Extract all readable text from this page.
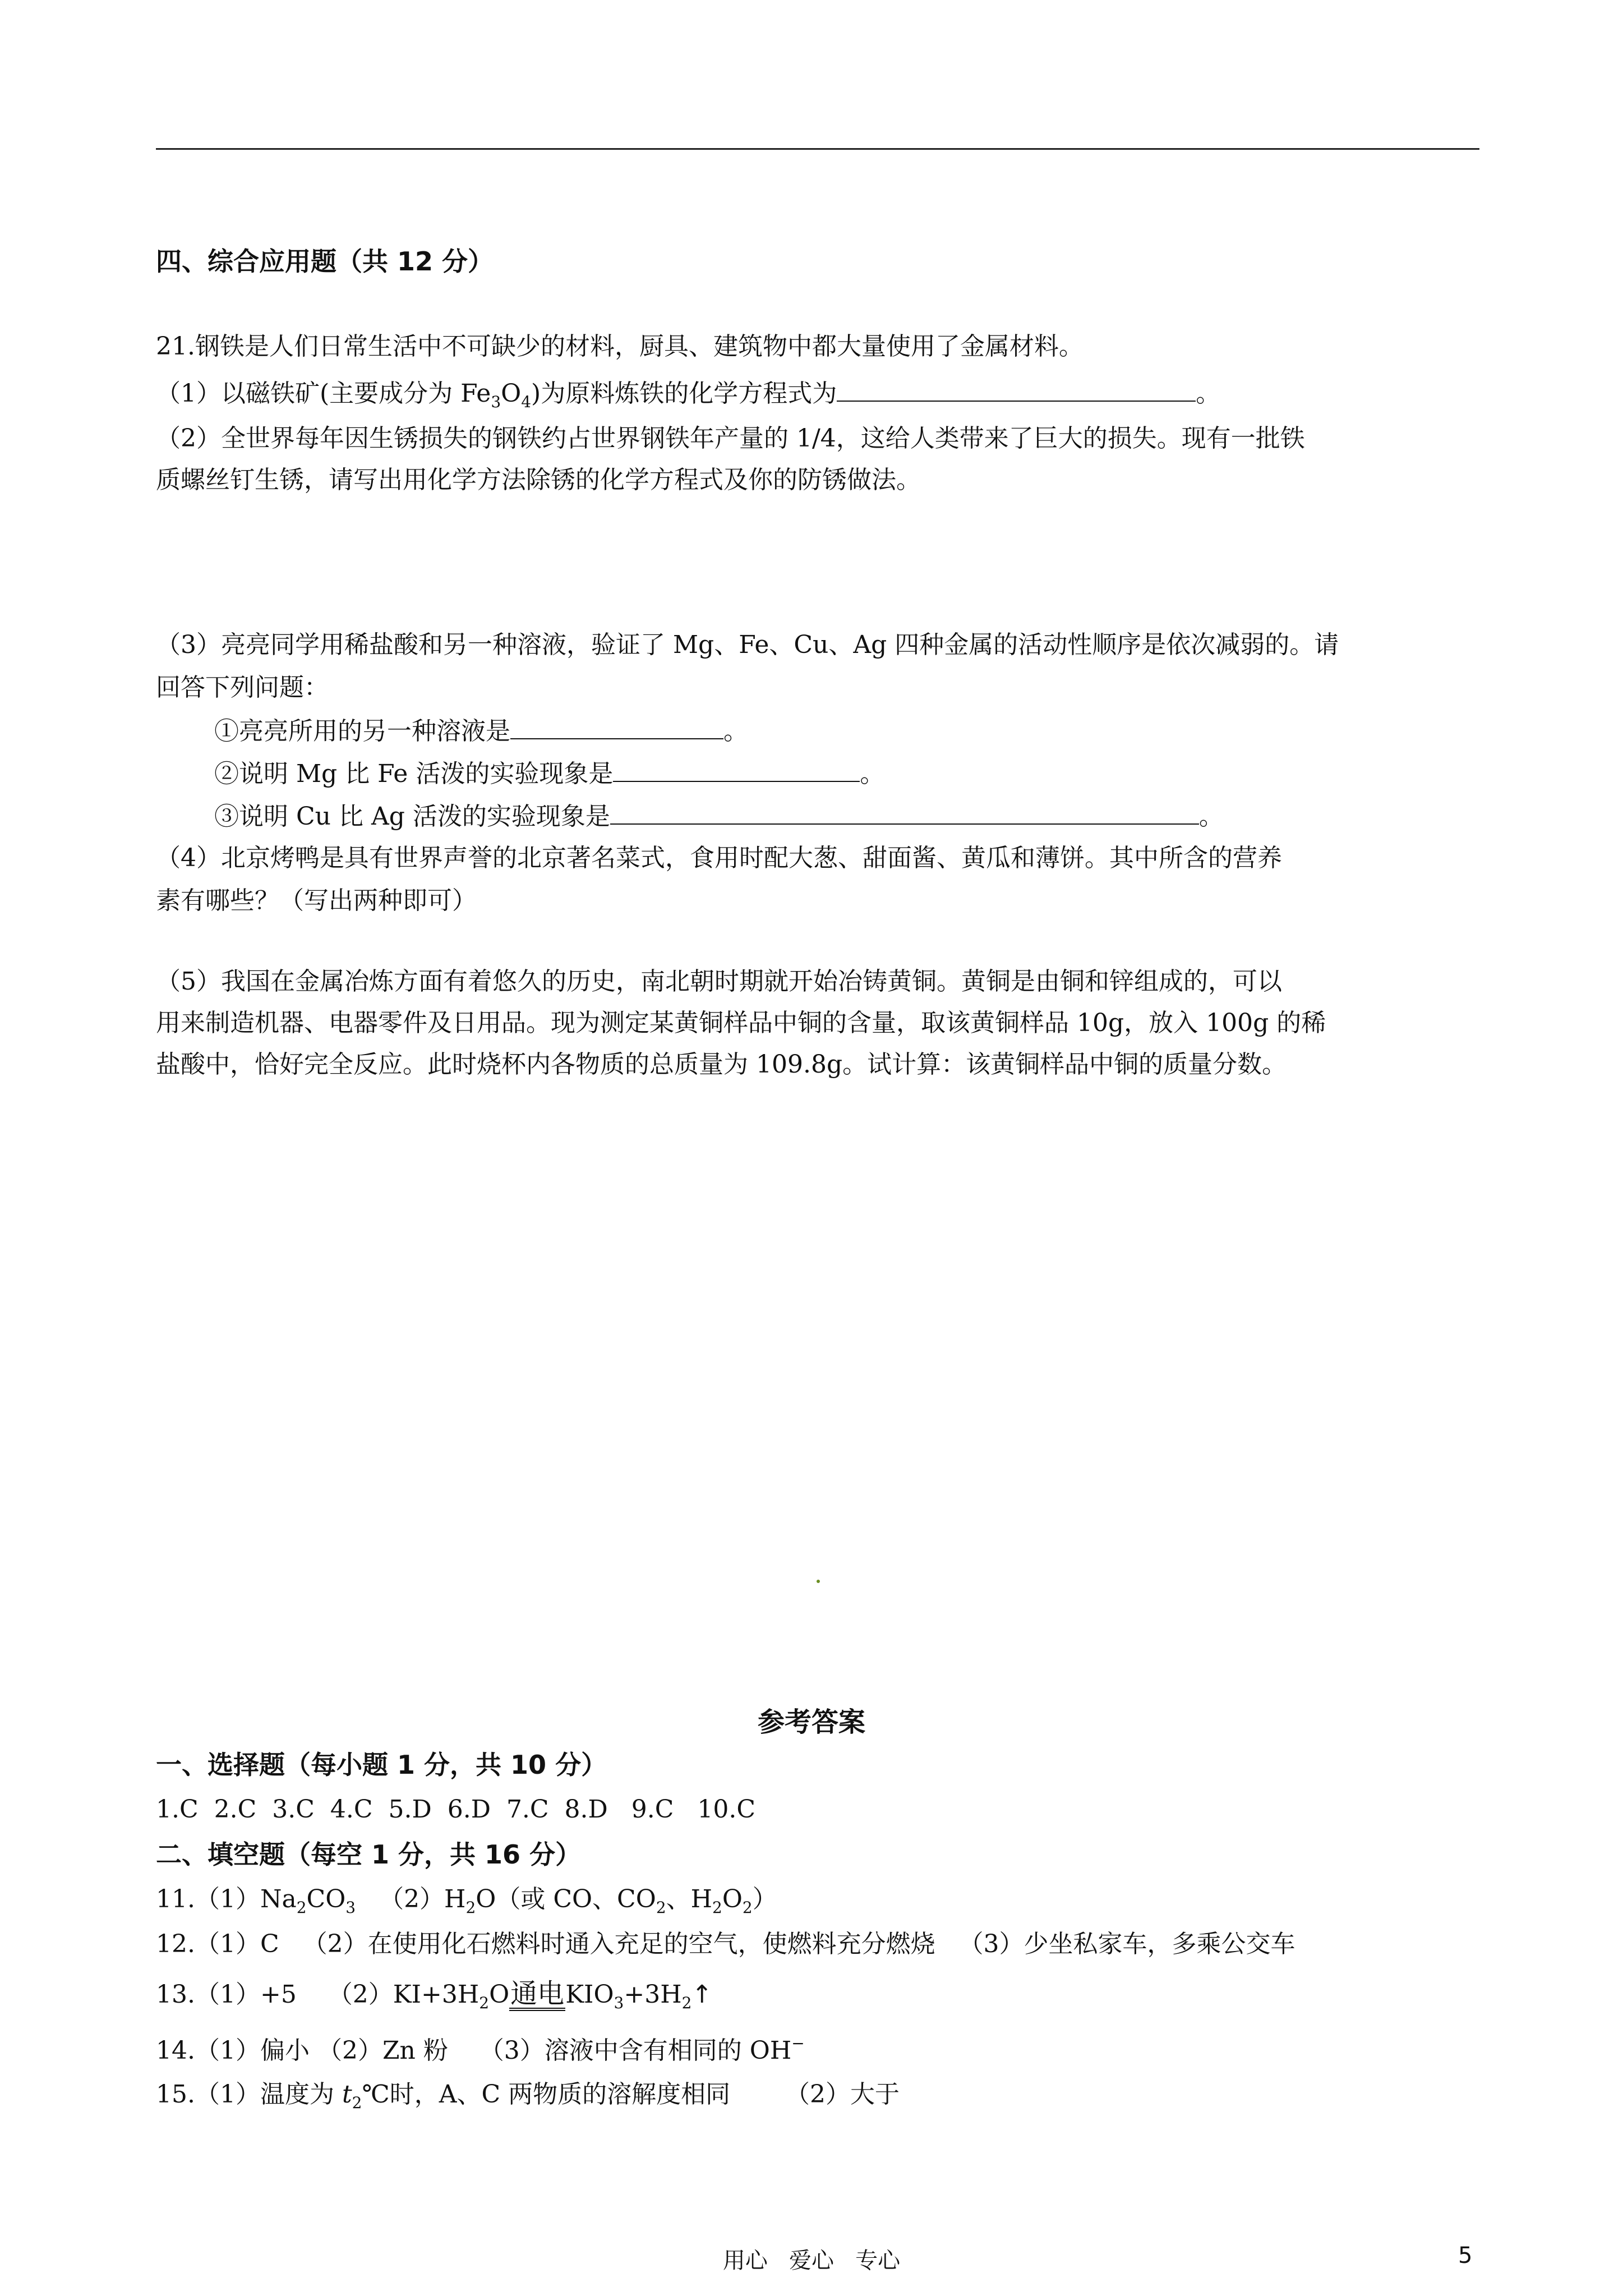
四、综合应用题（共 12 分）
21.钢铁是人们日常生活中不可缺少的材料，厨具、建筑物中都大量使用了金属材料。
（1）以磁铁矿(主要成分为 $Fe_3O_4$)为原料炼铁的化学方程式为	。
（2）全世界每年因生锈损失的钢铁约占世界钢铁年产量的 1/4，这给人类带来了巨大的损失。现有一批铁
质螺丝钉生锈，请写出用化学方法除锈的化学方程式及你的防锈做法。
（3）亮亮同学用稀盐酸和另一种溶液，验证了 Mg、Fe、Cu、Ag 四种金属的活动性顺序是依次减弱的。请
回答下列问题：
①亮亮所用的另一种溶液是	。
②说明 Mg 比 Fe 活泼的实验现象是	。
③说明 Cu 比 Ag 活泼的实验现象是	。
（4）北京烤鸭是具有世界声誉的北京著名菜式，食用时配大葱、甜面酱、黄瓜和薄饼。其中所含的营养
素有哪些？（写出两种即可）
（5）我国在金属冶炼方面有着悠久的历史，南北朝时期就开始冶铸黄铜。黄铜是由铜和锌组成的，可以
用来制造机器、电器零件及日用品。现为测定某黄铜样品中铜的含量，取该黄铜样品 10g，放入 100g 的稀
盐酸中，恰好完全反应。此时烧杯内各物质的总质量为 109.8g。试计算：该黄铜样品中铜的质量分数。
参考答案
一、选择题（每小题 1 分，共 10 分）
1.C  2.C  3.C  4.C  5.D  6.D  7.C  8.D   9.C   10.C
二、填空题（每空 1 分，共 16 分）
$11.(1)Na_2CO_3$   $(2)H_2O$（或 CO、$CO_2$、$H_2O_2$）
12.（1）C   （2）在使用化石燃料时通入充足的空气，使燃料充分燃烧   （3）少坐私家车，多乘公交车
13.（1）+5    $(2)KI+3H_2O$通电$KIO_3+3H_2↑$
14.（1）偏小 （2）Zn 粉    （3）溶液中含有相同的 OH−
15.（1）温度为 $t_2℃$时，A、C 两物质的溶解度相同       （2）大于
用心   爱心   专心	5
